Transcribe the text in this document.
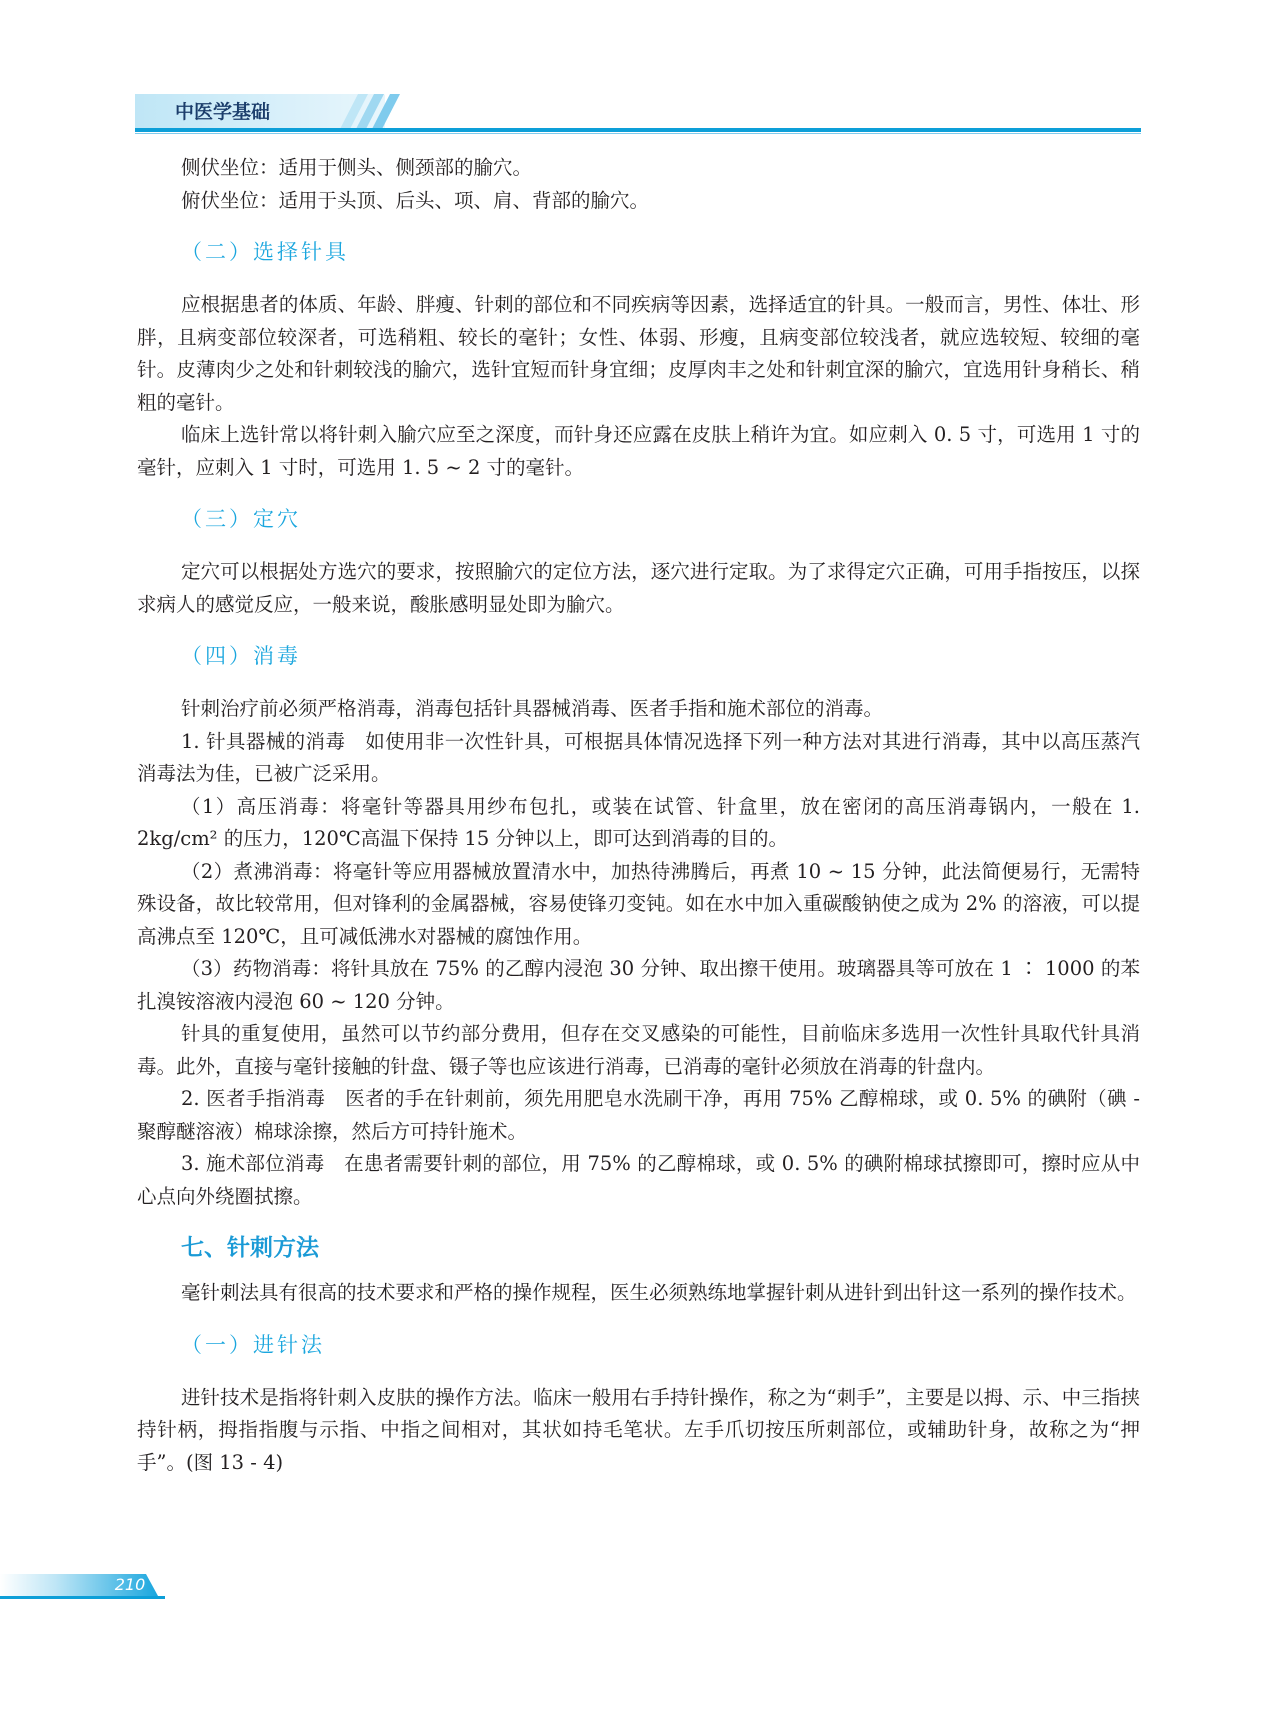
中医学基础
侧伏坐位：适用于侧头、侧颈部的腧穴。
俯伏坐位：适用于头顶、后头、项、肩、背部的腧穴。
（二）选择针具
应根据患者的体质、年龄、胖瘦、针刺的部位和不同疾病等因素，选择适宜的针具。一般而言，男性、体壮、形胖，且病变部位较深者，可选稍粗、较长的毫针；女性、体弱、形瘦，且病变部位较浅者，就应选较短、较细的毫针。皮薄肉少之处和针刺较浅的腧穴，选针宜短而针身宜细；皮厚肉丰之处和针刺宜深的腧穴，宜选用针身稍长、稍粗的毫针。
临床上选针常以将针刺入腧穴应至之深度，而针身还应露在皮肤上稍许为宜。如应刺入 0. 5 寸，可选用 1 寸的毫针，应刺入 1 寸时，可选用 1. 5 ~ 2 寸的毫针。
（三）定穴
定穴可以根据处方选穴的要求，按照腧穴的定位方法，逐穴进行定取。为了求得定穴正确，可用手指按压，以探求病人的感觉反应，一般来说，酸胀感明显处即为腧穴。
（四）消毒
针刺治疗前必须严格消毒，消毒包括针具器械消毒、医者手指和施术部位的消毒。
1. 针具器械的消毒　如使用非一次性针具，可根据具体情况选择下列一种方法对其进行消毒，其中以高压蒸汽消毒法为佳，已被广泛采用。
（1）高压消毒：将毫针等器具用纱布包扎，或装在试管、针盒里，放在密闭的高压消毒锅内，一般在 1. 2kg/cm² 的压力，120℃高温下保持 15 分钟以上，即可达到消毒的目的。
（2）煮沸消毒：将毫针等应用器械放置清水中，加热待沸腾后，再煮 10 ~ 15 分钟，此法简便易行，无需特殊设备，故比较常用，但对锋利的金属器械，容易使锋刃变钝。如在水中加入重碳酸钠使之成为 2% 的溶液，可以提高沸点至 120℃，且可减低沸水对器械的腐蚀作用。
（3）药物消毒：将针具放在 75% 的乙醇内浸泡 30 分钟、取出擦干使用。玻璃器具等可放在 1 ∶ 1000 的苯扎溴铵溶液内浸泡 60 ~ 120 分钟。
针具的重复使用，虽然可以节约部分费用，但存在交叉感染的可能性，目前临床多选用一次性针具取代针具消毒。此外，直接与毫针接触的针盘、镊子等也应该进行消毒，已消毒的毫针必须放在消毒的针盘内。
2. 医者手指消毒　医者的手在针刺前，须先用肥皂水洗刷干净，再用 75% 乙醇棉球，或 0. 5% 的碘附（碘 - 聚醇醚溶液）棉球涂擦，然后方可持针施术。
3. 施术部位消毒　在患者需要针刺的部位，用 75% 的乙醇棉球，或 0. 5% 的碘附棉球拭擦即可，擦时应从中心点向外绕圈拭擦。
七、针刺方法
毫针刺法具有很高的技术要求和严格的操作规程，医生必须熟练地掌握针刺从进针到出针这一系列的操作技术。
（一）进针法
进针技术是指将针刺入皮肤的操作方法。临床一般用右手持针操作，称之为“刺手”，主要是以拇、示、中三指挟持针柄，拇指指腹与示指、中指之间相对，其状如持毛笔状。左手爪切按压所刺部位，或辅助针身，故称之为“押手”。(图 13 - 4)
210
